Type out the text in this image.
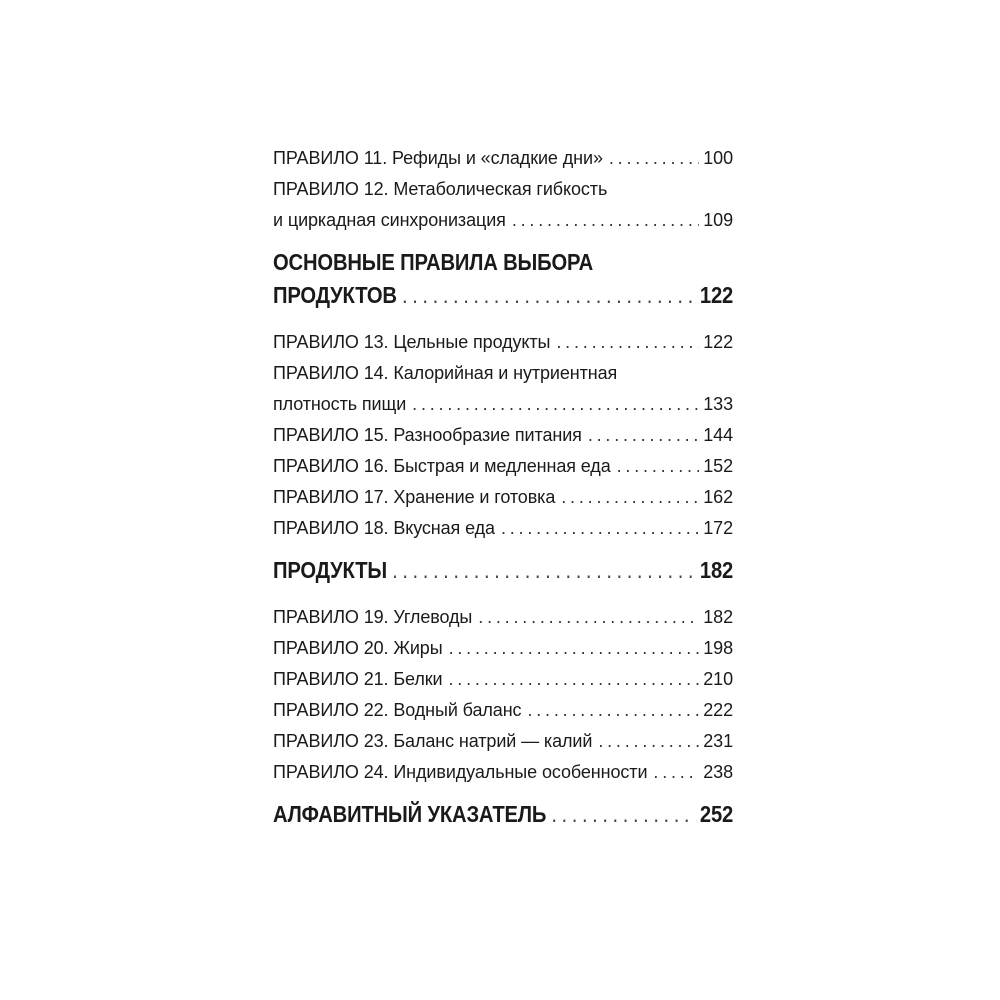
ПРАВИЛО 11. Рефиды и «сладкие дни» . . .	100
ПРАВИЛО 12. Метаболическая гибкость
и циркадная синхронизация . . .	109
ОСНОВНЫЕ ПРАВИЛА ВЫБОРА
ПРОДУКТОВ . . .	122
ПРАВИЛО 13. Цельные продукты . . .	122
ПРАВИЛО 14. Калорийная и нутриентная
плотность пищи . . .	133
ПРАВИЛО 15. Разнообразие питания . . .	144
ПРАВИЛО 16. Быстрая и медленная еда . . .	152
ПРАВИЛО 17. Хранение и готовка . . .	162
ПРАВИЛО 18. Вкусная еда . . .	172
ПРОДУКТЫ . . .	182
ПРАВИЛО 19. Углеводы . . .	182
ПРАВИЛО 20. Жиры . . .	198
ПРАВИЛО 21. Белки . . .	210
ПРАВИЛО 22. Водный баланс . . .	222
ПРАВИЛО 23. Баланс натрий — калий . . .	231
ПРАВИЛО 24. Индивидуальные особенности . . .	238
АЛФАВИТНЫЙ УКАЗАТЕЛЬ . . .	252
